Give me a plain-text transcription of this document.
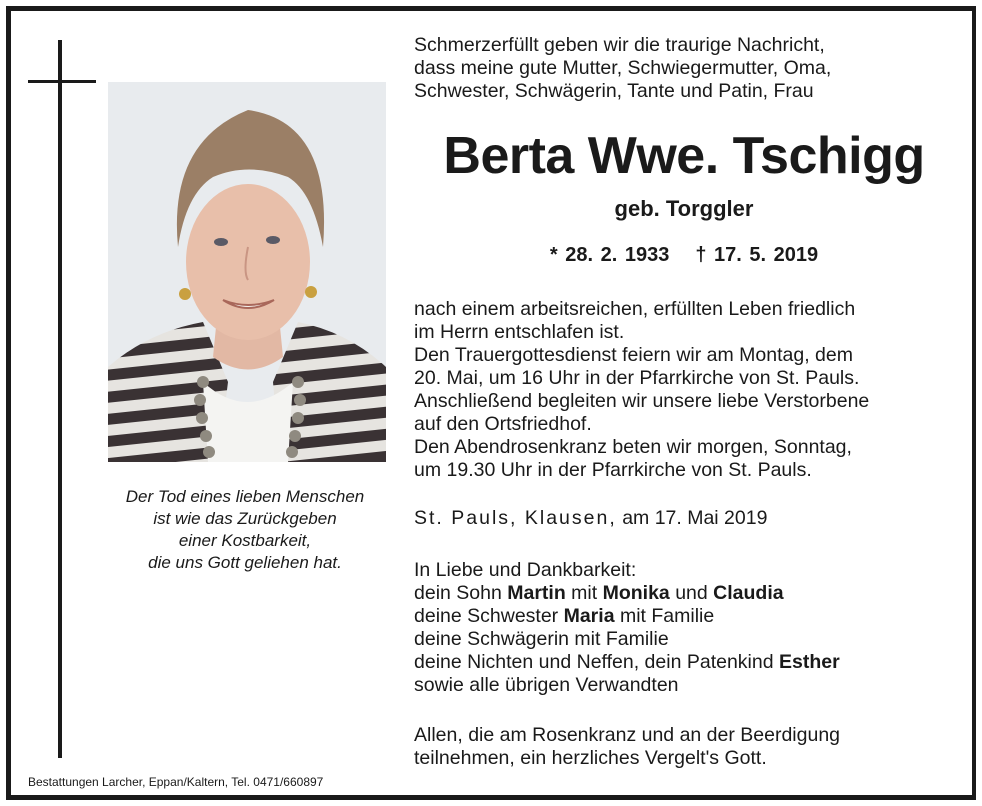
Der Tod eines lieben Menschen
ist wie das Zurückgeben
einer Kostbarkeit,
die uns Gott geliehen hat.
Bestattungen Larcher, Eppan/Kaltern, Tel. 0471/660897
Schmerzerfüllt geben wir die traurige Nachricht,
dass meine gute Mutter, Schwiegermutter, Oma,
Schwester, Schwägerin, Tante und Patin, Frau
Berta Wwe. Tschigg
geb. Torggler
* 28. 2. 1933 † 17. 5. 2019
nach einem arbeitsreichen, erfüllten Leben friedlich
im Herrn entschlafen ist.
Den Trauergottesdienst feiern wir am Montag, dem
20. Mai, um 16 Uhr in der Pfarrkirche von St. Pauls.
Anschließend begleiten wir unsere liebe Verstorbene
auf den Ortsfriedhof.
Den Abendrosenkranz beten wir morgen, Sonntag,
um 19.30 Uhr in der Pfarrkirche von St. Pauls.
St. Pauls, Klausen, am 17. Mai 2019
In Liebe und Dankbarkeit:
dein Sohn Martin mit Monika und Claudia
deine Schwester Maria mit Familie
deine Schwägerin mit Familie
deine Nichten und Neffen, dein Patenkind Esther
sowie alle übrigen Verwandten
Allen, die am Rosenkranz und an der Beerdigung
teilnehmen, ein herzliches Vergelt's Gott.
